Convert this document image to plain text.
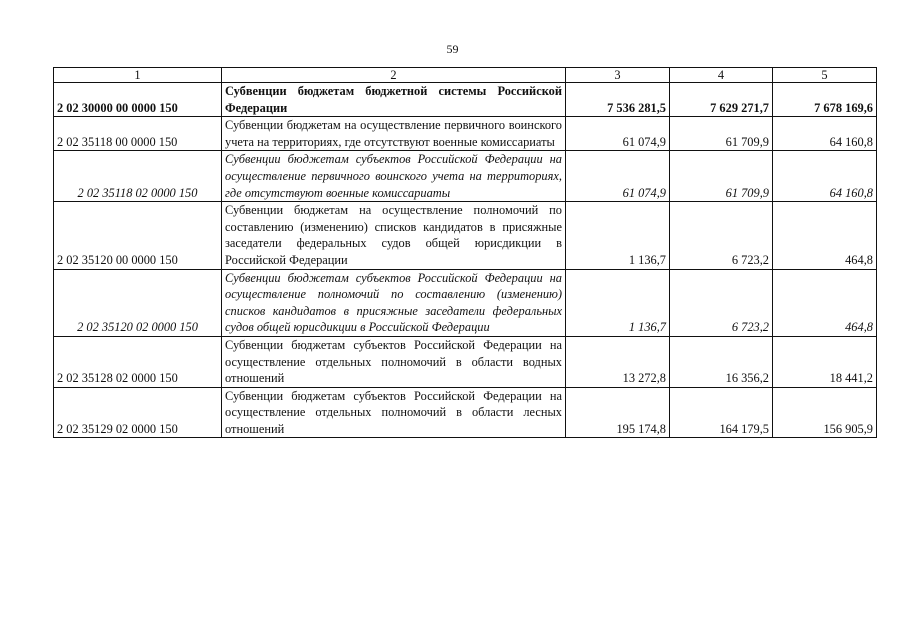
59
1	2	3	4	5
2 02 30000 00 0000 150	Субвенции бюджетам бюджетной системы Российской Федерации	7 536 281,5	7 629 271,7	7 678 169,6
2 02 35118 00 0000 150	Субвенции бюджетам на осуществление первичного воинского учета на территориях, где отсутствуют военные комиссариаты	61 074,9	61 709,9	64 160,8
2 02 35118 02 0000 150	Субвенции бюджетам субъектов Российской Федерации на осуществление первичного воинского учета на территориях, где отсутствуют военные комиссариаты	61 074,9	61 709,9	64 160,8
2 02 35120 00 0000 150	Субвенции бюджетам на осуществление полномочий по составлению (изменению) списков кандидатов в присяжные заседатели федеральных судов общей юрисдикции в Российской Федерации	1 136,7	6 723,2	464,8
2 02 35120 02 0000 150	Субвенции бюджетам субъектов Российской Федерации на осуществление полномочий по составлению (изменению) списков кандидатов в присяжные заседатели федеральных судов общей юрисдикции в Российской Федерации	1 136,7	6 723,2	464,8
2 02 35128 02 0000 150	Субвенции бюджетам субъектов Российской Федерации на осуществление отдельных полномочий в области водных отношений	13 272,8	16 356,2	18 441,2
2 02 35129 02 0000 150	Субвенции бюджетам субъектов Российской Федерации на осуществление отдельных полномочий в области лесных отношений	195 174,8	164 179,5	156 905,9
